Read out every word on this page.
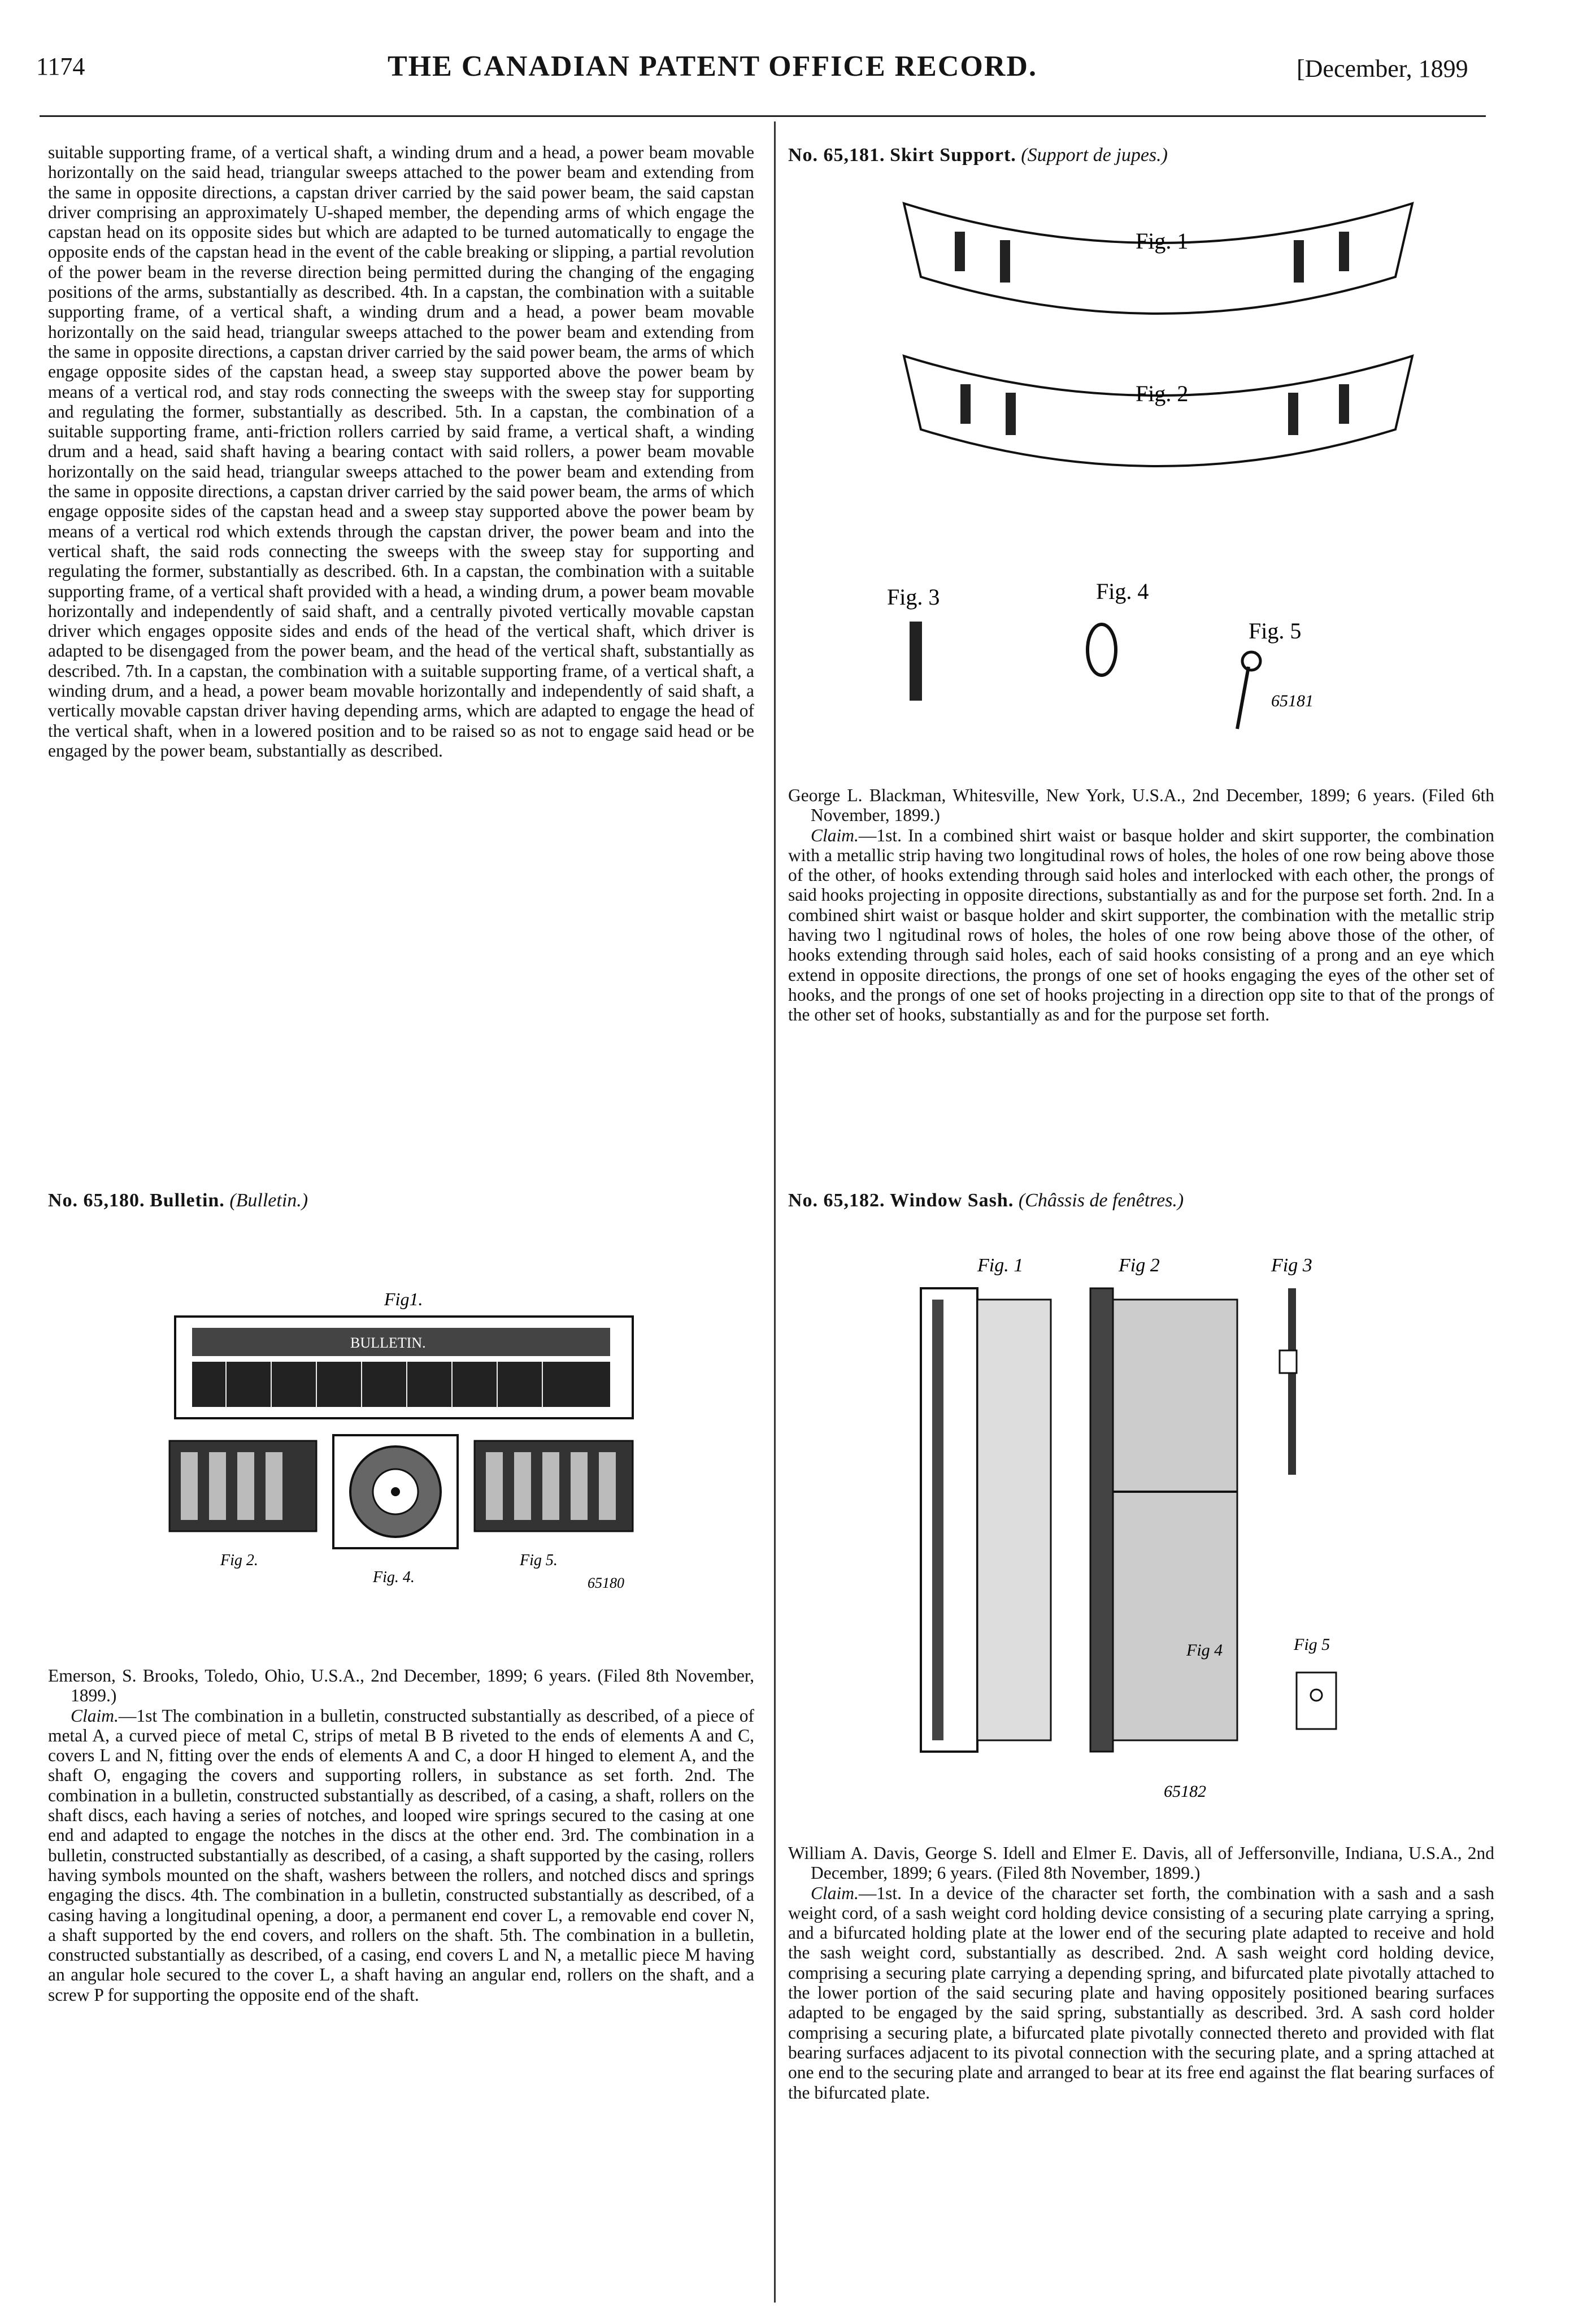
1174	THE CANADIAN PATENT OFFICE RECORD.	[December, 1899

suitable supporting frame, of a vertical shaft, a winding drum and a head, a power beam movable horizontally on the said head, triangular sweeps attached to the power beam and extending from the same in opposite directions, a capstan driver carried by the said power beam, the said capstan driver comprising an approximately U-shaped member, the depending arms of which engage the capstan head on its opposite sides but which are adapted to be turned automatically to engage the opposite ends of the capstan head in the event of the cable breaking or slipping, a partial revolution of the power beam in the reverse direction being permitted during the changing of the engaging positions of the arms, substantially as described. 4th. In a capstan, the combination with a suitable supporting frame, of a vertical shaft, a winding drum and a head, a power beam movable horizontally on the said head, triangular sweeps attached to the power beam and extending from the same in opposite directions, a capstan driver carried by the said power beam, the arms of which engage opposite sides of the capstan head, a sweep stay supported above the power beam by means of a vertical rod, and stay rods connecting the sweeps with the sweep stay for supporting and regulating the former, substantially as described. 5th. In a capstan, the combination of a suitable supporting frame, anti-friction rollers carried by said frame, a vertical shaft, a winding drum and a head, said shaft having a bearing contact with said rollers, a power beam movable horizontally on the said head, triangular sweeps attached to the power beam and extending from the same in opposite directions, a capstan driver carried by the said power beam, the arms of which engage opposite sides of the capstan head and a sweep stay supported above the power beam by means of a vertical rod which extends through the capstan driver, the power beam and into the vertical shaft, the said rods connecting the sweeps with the sweep stay for supporting and regulating the former, substantially as described. 6th. In a capstan, the combination with a suitable supporting frame, of a vertical shaft provided with a head, a winding drum, a power beam movable horizontally and independently of said shaft, and a centrally pivoted vertically movable capstan driver which engages opposite sides and ends of the head of the vertical shaft, which driver is adapted to be disengaged from the power beam, and the head of the vertical shaft, substantially as described. 7th. In a capstan, the combination with a suitable supporting frame, of a vertical shaft, a winding drum, and a head, a power beam movable horizontally and independently of said shaft, a vertically movable capstan driver having depending arms, which are adapted to engage the head of the vertical shaft, when in a lowered position and to be raised so as not to engage said head or be engaged by the power beam, substantially as described.

No. 65,180. Bulletin. (Bulletin.)
Fig1.
BULLETIN.
Fig 2.
Fig. 4.
Fig 5.
65180

Emerson, S. Brooks, Toledo, Ohio, U.S.A., 2nd December, 1899; 6 years. (Filed 8th November, 1899.)

Claim.—1st The combination in a bulletin, constructed substantially as described, of a piece of metal A, a curved piece of metal C, strips of metal B B riveted to the ends of elements A and C, covers L and N, fitting over the ends of elements A and C, a door H hinged to element A, and the shaft O, engaging the covers and supporting rollers, in substance as set forth. 2nd. The combination in a bulletin, constructed substantially as described, of a casing, a shaft, rollers on the shaft discs, each having a series of notches, and looped wire springs secured to the casing at one end and adapted to engage the notches in the discs at the other end. 3rd. The combination in a bulletin, constructed substantially as described, of a casing, a shaft supported by the casing, rollers having symbols mounted on the shaft, washers between the rollers, and notched discs and springs engaging the discs. 4th. The combination in a bulletin, constructed substantially as described, of a casing having a longitudinal opening, a door, a permanent end cover L, a removable end cover N, a shaft supported by the end covers, and rollers on the shaft. 5th. The combination in a bulletin, constructed substantially as described, of a casing, end covers L and N, a metallic piece M having an angular hole secured to the cover L, a shaft having an angular end, rollers on the shaft, and a screw P for supporting the opposite end of the shaft.

No. 65,181. Skirt Support. (Support de jupes.)
Fig. 1
Fig. 2
Fig. 3	Fig. 4
Fig. 5
65181

George L. Blackman, Whitesville, New York, U.S.A., 2nd December, 1899; 6 years. (Filed 6th November, 1899.)

Claim.—1st. In a combined shirt waist or basque holder and skirt supporter, the combination with a metallic strip having two longitudinal rows of holes, the holes of one row being above those of the other, of hooks extending through said holes and interlocked with each other, the prongs of said hooks projecting in opposite directions, substantially as and for the purpose set forth. 2nd. In a combined shirt waist or basque holder and skirt supporter, the combination with the metallic strip having two l ngitudinal rows of holes, the holes of one row being above those of the other, of hooks extending through said holes, each of said hooks consisting of a prong and an eye which extend in opposite directions, the prongs of one set of hooks engaging the eyes of the other set of hooks, and the prongs of one set of hooks projecting in a direction opp site to that of the prongs of the other set of hooks, substantially as and for the purpose set forth.

No. 65,182. Window Sash. (Châssis de fenêtres.)
Fig. 1	Fig 2	Fig 3
Fig 4	Fig 5
65182

William A. Davis, George S. Idell and Elmer E. Davis, all of Jeffersonville, Indiana, U.S.A., 2nd December, 1899; 6 years. (Filed 8th November, 1899.)

Claim.—1st. In a device of the character set forth, the combination with a sash and a sash weight cord, of a sash weight cord holding device consisting of a securing plate carrying a spring, and a bifurcated holding plate at the lower end of the securing plate adapted to receive and hold the sash weight cord, substantially as described. 2nd. A sash weight cord holding device, comprising a securing plate carrying a depending spring, and bifurcated plate pivotally attached to the lower portion of the said securing plate and having oppositely positioned bearing surfaces adapted to be engaged by the said spring, substantially as described. 3rd. A sash cord holder comprising a securing plate, a bifurcated plate pivotally connected thereto and provided with flat bearing surfaces adjacent to its pivotal connection with the securing plate, and a spring attached at one end to the securing plate and arranged to bear at its free end against the flat bearing surfaces of the bifurcated plate.
